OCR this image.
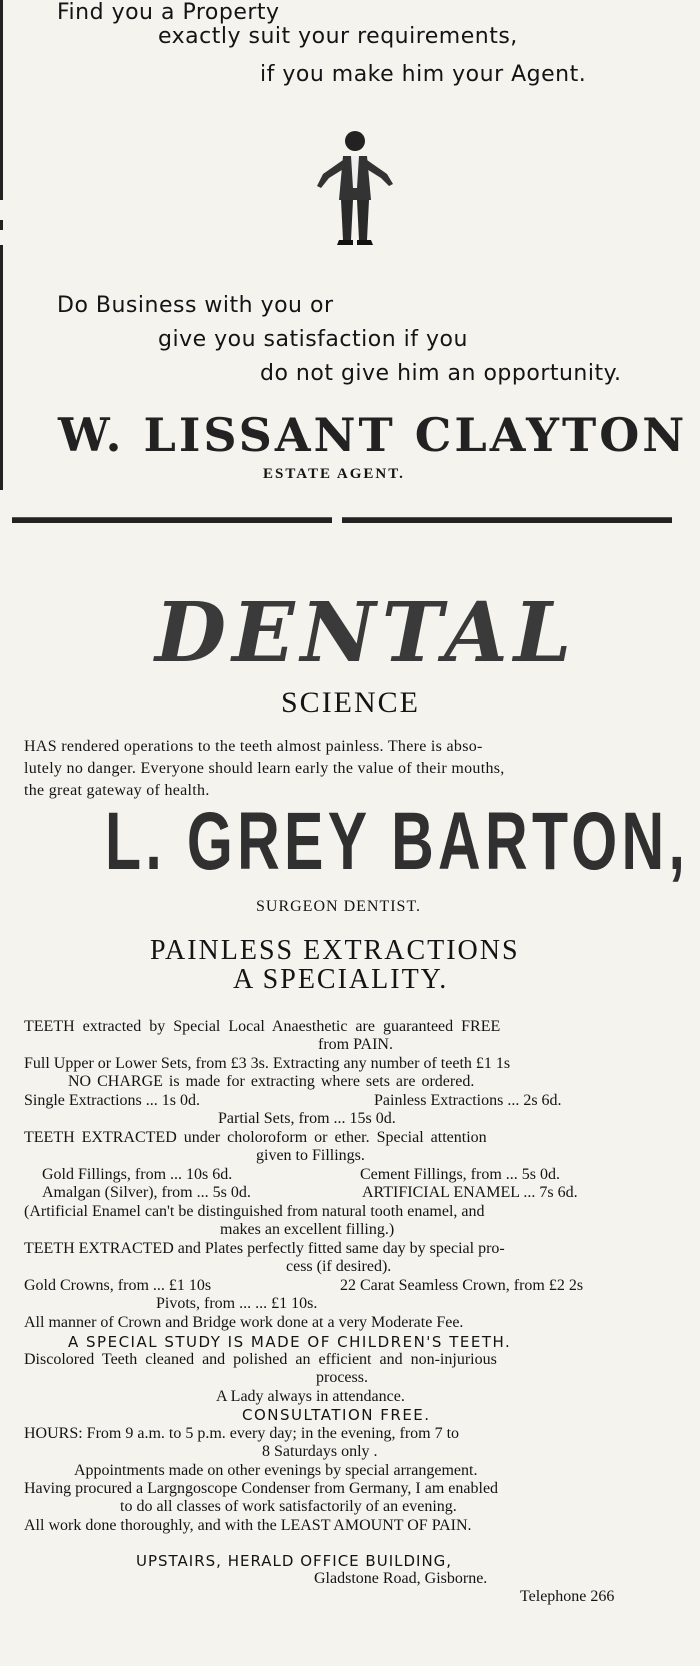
Find you a Property
exactly suit your requirements,
if you make him your Agent.
Do Business with you or
give you satisfaction if you
do not give him an opportunity.
W. LISSANT CLAYTON
ESTATE AGENT.
DENTAL
SCIENCE
HAS rendered operations to the teeth almost painless. There is abso-
lutely no danger. Everyone should learn early the value of their mouths,
the great gateway of health.
L. GREY BARTON,
SURGEON DENTIST.
PAINLESS EXTRACTIONS
A SPECIALITY.
TEETH extracted by Special Local Anaesthetic are guaranteed FREE
from PAIN.
Full Upper or Lower Sets, from £3 3s. Extracting any number of teeth £1 1s
NO CHARGE is made for extracting where sets are ordered.
Single Extractions ... 1s 0d.	Painless Extractions ... 2s 6d.
Partial Sets, from ... 15s 0d.
TEETH EXTRACTED under choloroform or ether. Special attention
given to Fillings.
Gold Fillings, from ... 10s 6d.	Cement Fillings, from ... 5s 0d.
Amalgan (Silver), from ... 5s 0d.	ARTIFICIAL ENAMEL ... 7s 6d.
(Artificial Enamel can't be distinguished from natural tooth enamel, and
makes an excellent filling.)
TEETH EXTRACTED and Plates perfectly fitted same day by special pro-
cess (if desired).
Gold Crowns, from ... £1 10s	22 Carat Seamless Crown, from £2 2s
Pivots, from ... ... £1 10s.
All manner of Crown and Bridge work done at a very Moderate Fee.
A SPECIAL STUDY IS MADE OF CHILDREN'S TEETH.
Discolored Teeth cleaned and polished an efficient and non-injurious
process.
A Lady always in attendance.
CONSULTATION FREE.
HOURS: From 9 a.m. to 5 p.m. every day; in the evening, from 7 to
8 Saturdays only .
Appointments made on other evenings by special arrangement.
Having procured a Largngoscope Condenser from Germany, I am enabled
to do all classes of work satisfactorily of an evening.
All work done thoroughly, and with the LEAST AMOUNT OF PAIN.
UPSTAIRS, HERALD OFFICE BUILDING,
Gladstone Road, Gisborne.
Telephone 266
